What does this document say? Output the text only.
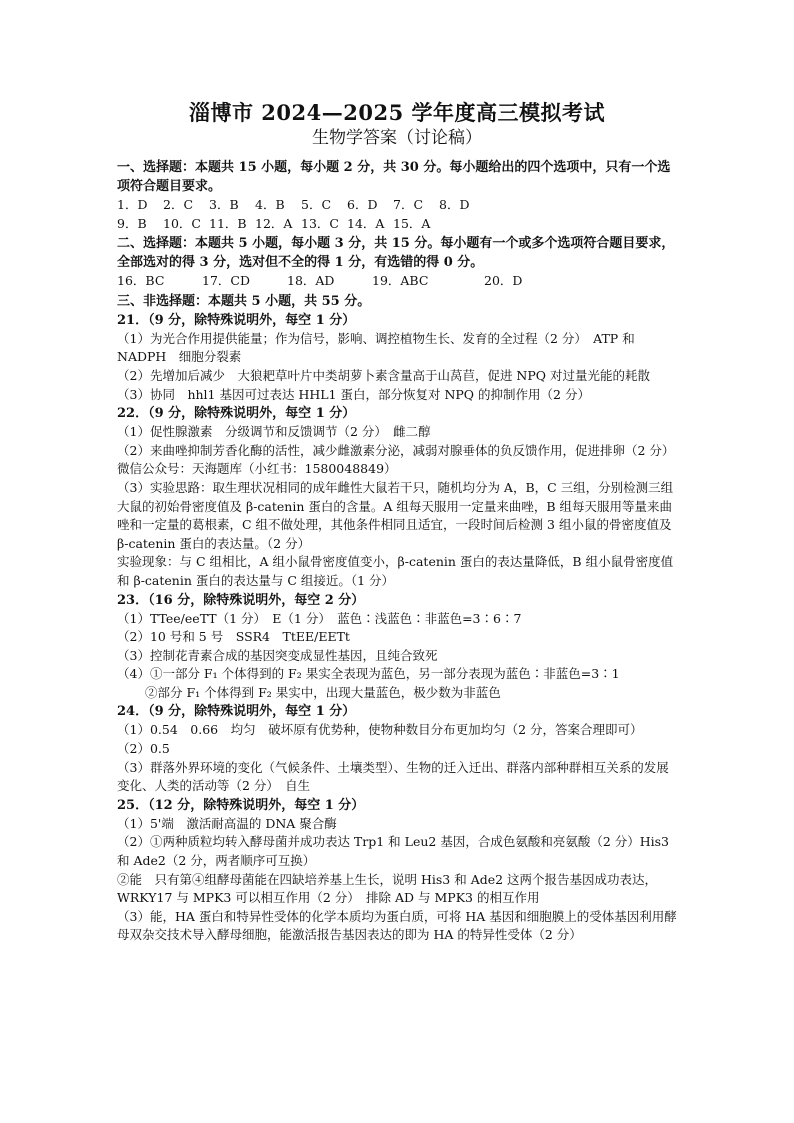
淄博市 2024—2025 学年度高三模拟考试
生物学答案（讨论稿）
一、选择题：本题共 15 小题，每小题 2 分，共 30 分。每小题给出的四个选项中，只有一个选项符合题目要求。
1．D	2．C	3．B	4．B	5．C	6．D	7．C	8．D
9．B	10．C 11．B 12．A 13．C 14．A 15．A
二、选择题：本题共 5 小题，每小题 3 分，共 15 分。每小题有一个或多个选项符合题目要求，全部选对的得 3 分，选对但不全的得 1 分，有选错的得 0 分。
16．BC	17．CD	18．AD	19．ABC	20．D
三、非选择题：本题共 5 小题，共 55 分。
21．（9 分，除特殊说明外，每空 1 分）
（1）为光合作用提供能量；作为信号，影响、调控植物生长、发育的全过程（2 分）　ATP 和 NADPH　细胞分裂素
（2）先增加后减少　大狼耙草叶片中类胡萝卜素含量高于山莴苣，促进 NPQ 对过量光能的耗散
（3）协同　hhl1 基因可过表达 HHL1 蛋白，部分恢复对 NPQ 的抑制作用（2 分）
22．（9 分，除特殊说明外，每空 1 分）
（1）促性腺激素　分级调节和反馈调节（2 分）　雌二醇
（2）来曲唑抑制芳香化酶的活性，减少雌激素分泌，减弱对腺垂体的负反馈作用，促进排卵（2 分）微信公众号：天海题库（小红书：1580048849）
（3）实验思路：取生理状况相同的成年雌性大鼠若干只，随机均分为 A，B，C 三组，分别检测三组大鼠的初始骨密度值及 β-catenin 蛋白的含量。A 组每天服用一定量来曲唑，B 组每天服用等量来曲唑和一定量的葛根素，C 组不做处理，其他条件相同且适宜，一段时间后检测 3 组小鼠的骨密度值及 β-catenin 蛋白的表达量。（2 分）
实验现象：与 C 组相比，A 组小鼠骨密度值变小，β-catenin 蛋白的表达量降低，B 组小鼠骨密度值和 β-catenin 蛋白的表达量与 C 组接近。（1 分）
23．（16 分，除特殊说明外，每空 2 分）
（1）TTee/eeTT（1 分）　E（1 分）　蓝色∶浅蓝色∶非蓝色=3∶6∶7
（2）10 号和 5 号　SSR4　TtEE/EETt
（3）控制花青素合成的基因突变成显性基因，且纯合致死
（4）①一部分 F₁ 个体得到的 F₂ 果实全表现为蓝色，另一部分表现为蓝色∶非蓝色=3∶1
②部分 F₁ 个体得到 F₂ 果实中，出现大量蓝色，极少数为非蓝色
24．（9 分，除特殊说明外，每空 1 分）
（1）0.54　0.66　均匀　破坏原有优势种，使物种数目分布更加均匀（2 分，答案合理即可）
（2）0.5
（3）群落外界环境的变化（气候条件、土壤类型）、生物的迁入迁出、群落内部种群相互关系的发展变化、人类的活动等（2 分）　自生
25．（12 分，除特殊说明外，每空 1 分）
（1）5'端　激活耐高温的 DNA 聚合酶
（2）①两种质粒均转入酵母菌并成功表达 Trp1 和 Leu2 基因，合成色氨酸和亮氨酸（2 分）His3 和 Ade2（2 分，两者顺序可互换）
②能　只有第④组酵母菌能在四缺培养基上生长，说明 His3 和 Ade2 这两个报告基因成功表达，WRKY17 与 MPK3 可以相互作用（2 分）　排除 AD 与 MPK3 的相互作用
（3）能，HA 蛋白和特异性受体的化学本质均为蛋白质，可将 HA 基因和细胞膜上的受体基因利用酵母双杂交技术导入酵母细胞，能激活报告基因表达的即为 HA 的特异性受体（2 分）
